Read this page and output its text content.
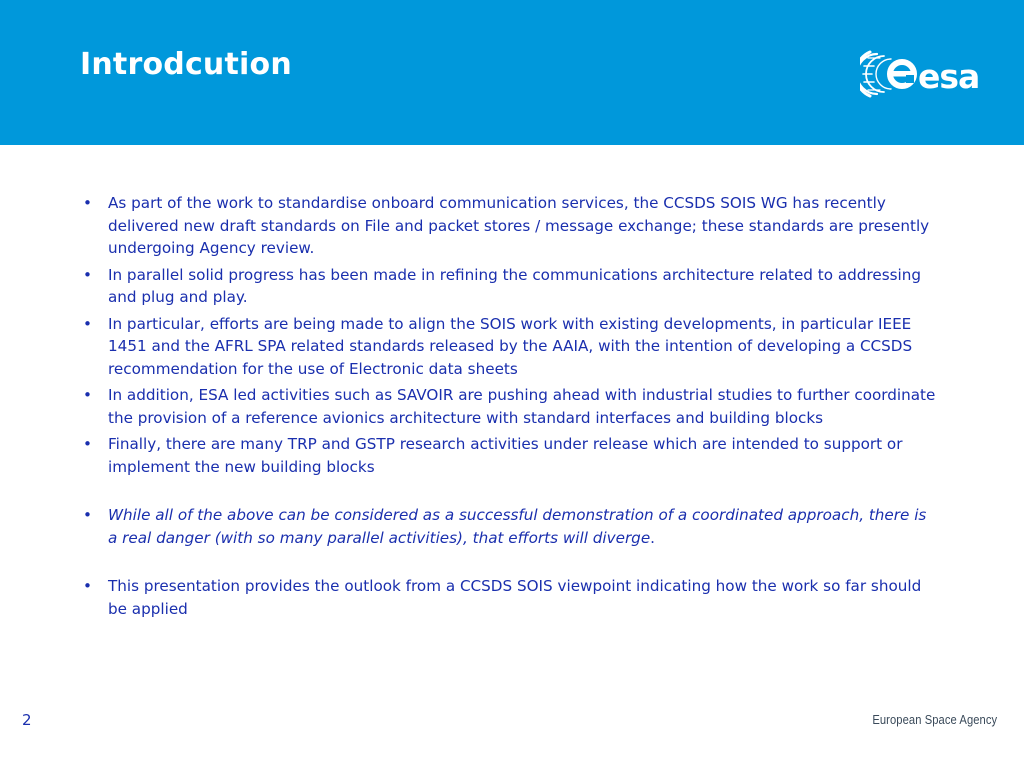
Introdcution	esa
• As part of the work to standardise onboard communication services, the CCSDS SOIS WG has recently delivered new draft standards on File and packet stores / message exchange; these standards are presently undergoing Agency review.
• In parallel solid progress has been made in refining the communications architecture related to addressing and plug and play.
• In particular, efforts are being made to align the SOIS work with existing developments, in particular IEEE 1451 and the AFRL SPA related standards released by the AAIA, with the intention of developing a CCSDS recommendation for the use of Electronic data sheets
• In addition, ESA led activities such as SAVOIR are pushing ahead with industrial studies to further coordinate the provision of a reference avionics architecture with standard interfaces and building blocks
• Finally, there are many TRP and GSTP research activities under release which are intended to support or implement the new building blocks
• While all of the above can be considered as a successful demonstration of a coordinated approach, there is a real danger (with so many parallel activities), that efforts will diverge.
• This presentation provides the outlook from a CCSDS SOIS viewpoint indicating how the work so far should be applied
2	European Space Agency
